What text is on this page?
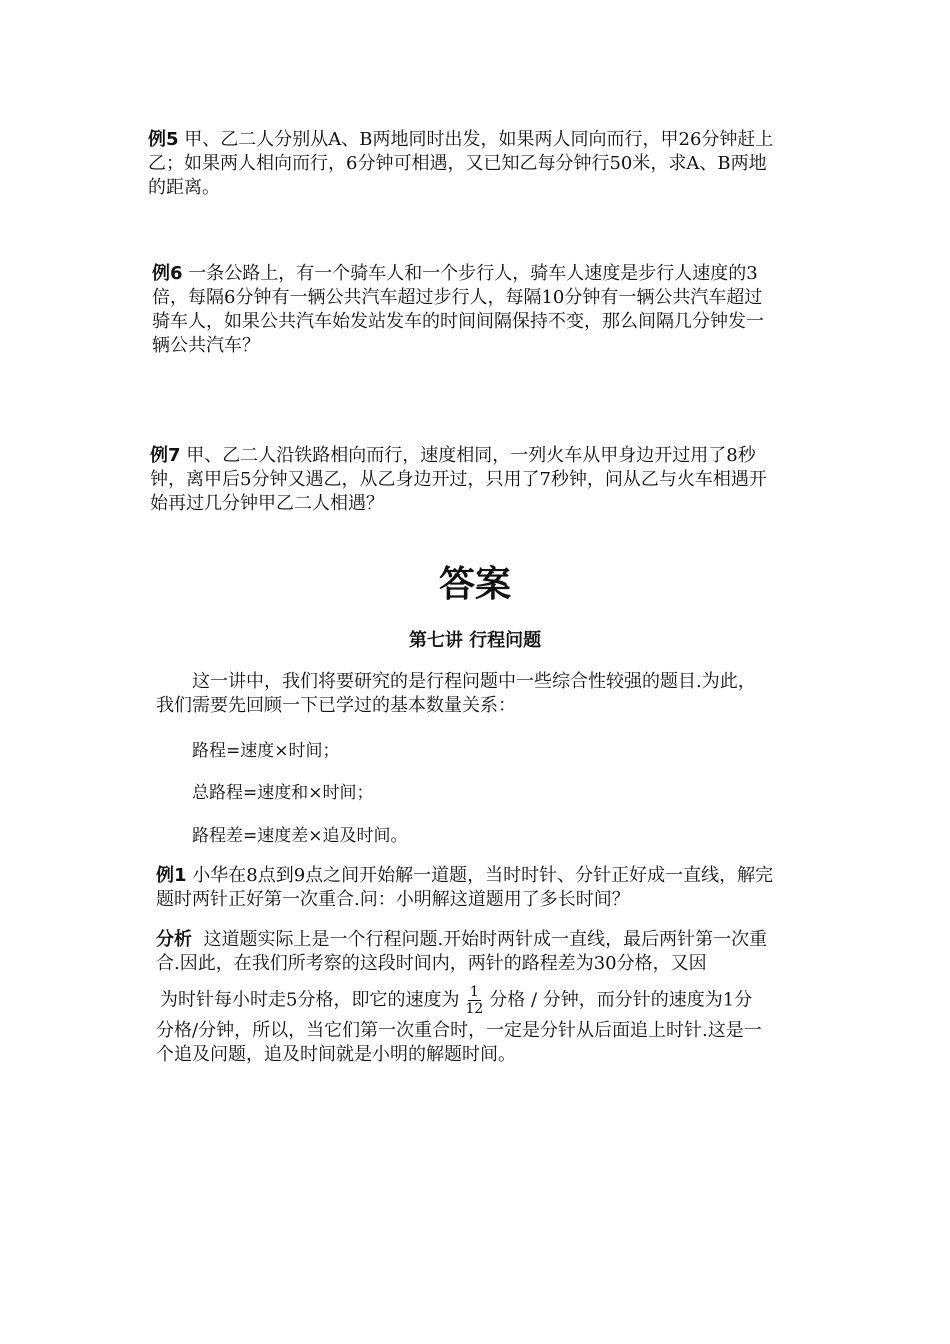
例5 甲、乙二人分别从A、B两地同时出发，如果两人同向而行，甲26分钟赶上

乙；如果两人相向而行，6分钟可相遇，又已知乙每分钟行50米，求A、B两地

的距离。

例6 一条公路上，有一个骑车人和一个步行人，骑车人速度是步行人速度的3

倍，每隔6分钟有一辆公共汽车超过步行人，每隔10分钟有一辆公共汽车超过

骑车人，如果公共汽车始发站发车的时间间隔保持不变，那么间隔几分钟发一

辆公共汽车？

例7 甲、乙二人沿铁路相向而行，速度相同，一列火车从甲身边开过用了8秒

钟，离甲后5分钟又遇乙，从乙身边开过，只用了7秒钟，问从乙与火车相遇开

始再过几分钟甲乙二人相遇？

答案
第七讲 行程问题

这一讲中，我们将要研究的是行程问题中一些综合性较强的题目.为此，

我们需要先回顾一下已学过的基本数量关系：

路程=速度×时间；

总路程=速度和×时间；

路程差=速度差×追及时间。

例1 小华在8点到9点之间开始解一道题，当时时针、分针正好成一直线，解完

题时两针正好第一次重合.问：小明解这道题用了多长时间？

分析 这道题实际上是一个行程问题.开始时两针成一直线，最后两针第一次重

合.因此，在我们所考察的这段时间内，两针的路程差为30分格，又因

为时针每小时走5分格，即它的速度为 $\frac{1}{12}$ 分格 / 分钟，而分针的速度为1分

分格/分钟，所以，当它们第一次重合时，一定是分针从后面追上时针.这是一

个追及问题，追及时间就是小明的解题时间。
